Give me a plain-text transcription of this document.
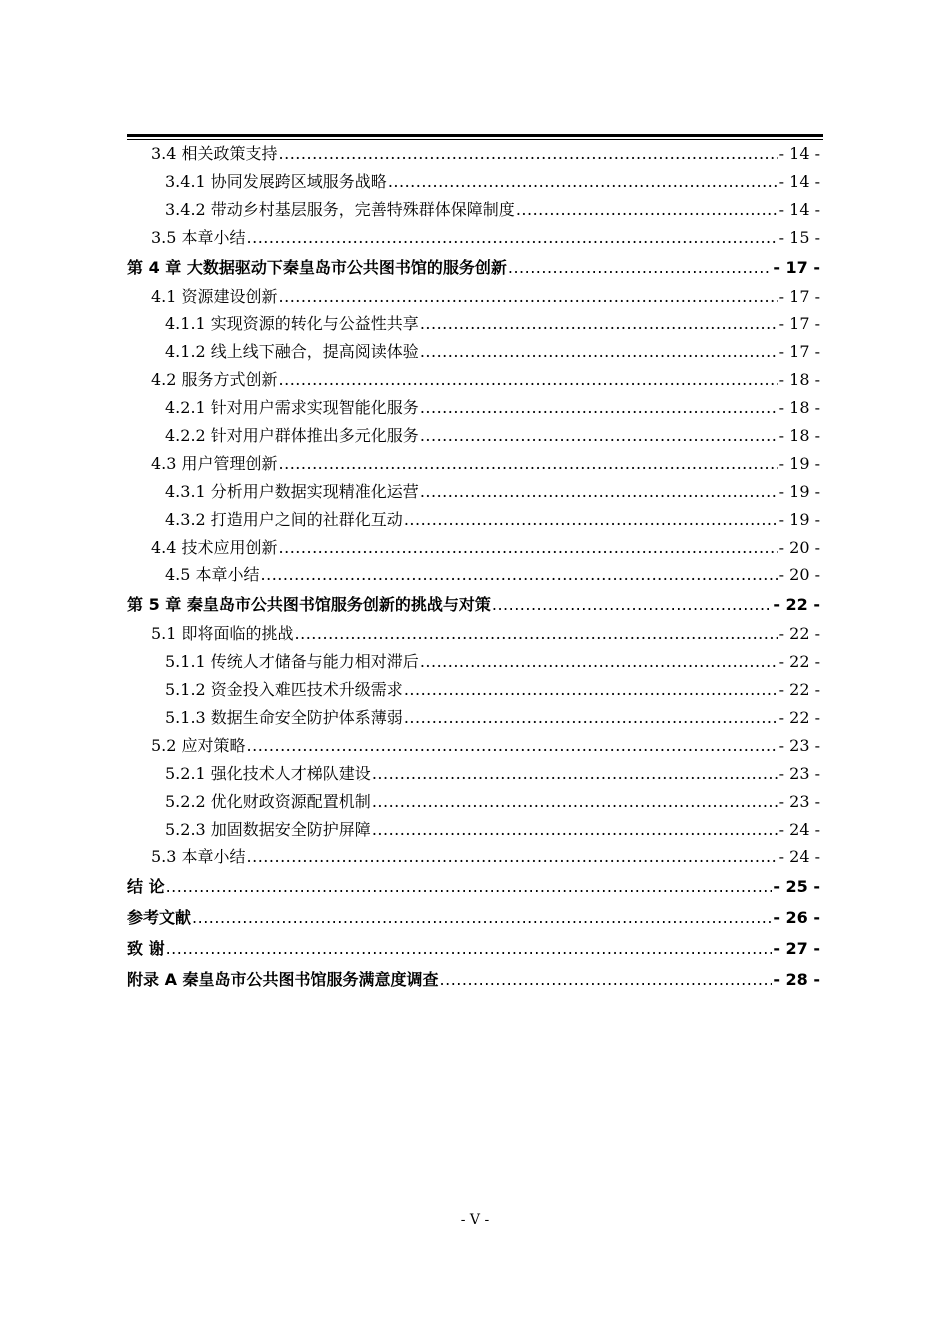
3.4 相关政策支持 .....	- 14 -
3.4.1 协同发展跨区域服务战略 .....	- 14 -
3.4.2 带动乡村基层服务，完善特殊群体保障制度 .....	- 14 -
3.5 本章小结 .....	- 15 -
第 4 章 大数据驱动下秦皇岛市公共图书馆的服务创新 .....	- 17 -
4.1 资源建设创新 .....	- 17 -
4.1.1 实现资源的转化与公益性共享 .....	- 17 -
4.1.2 线上线下融合，提高阅读体验 .....	- 17 -
4.2 服务方式创新 .....	- 18 -
4.2.1 针对用户需求实现智能化服务 .....	- 18 -
4.2.2 针对用户群体推出多元化服务 .....	- 18 -
4.3 用户管理创新 .....	- 19 -
4.3.1 分析用户数据实现精准化运营 .....	- 19 -
4.3.2 打造用户之间的社群化互动 .....	- 19 -
4.4 技术应用创新 .....	- 20 -
4.5 本章小结 .....	- 20 -
第 5 章 秦皇岛市公共图书馆服务创新的挑战与对策 .....	- 22 -
5.1 即将面临的挑战 .....	- 22 -
5.1.1 传统人才储备与能力相对滞后 .....	- 22 -
5.1.2 资金投入难匹技术升级需求 .....	- 22 -
5.1.3 数据生命安全防护体系薄弱 .....	- 22 -
5.2 应对策略 .....	- 23 -
5.2.1 强化技术人才梯队建设 .....	- 23 -
5.2.2 优化财政资源配置机制 .....	- 23 -
5.2.3 加固数据安全防护屏障 .....	- 24 -
5.3 本章小结 .....	- 24 -
结 论 .....	- 25 -
参考文献 .....	- 26 -
致 谢 .....	- 27 -
附录 A 秦皇岛市公共图书馆服务满意度调查 .....	- 28 -
- V -
